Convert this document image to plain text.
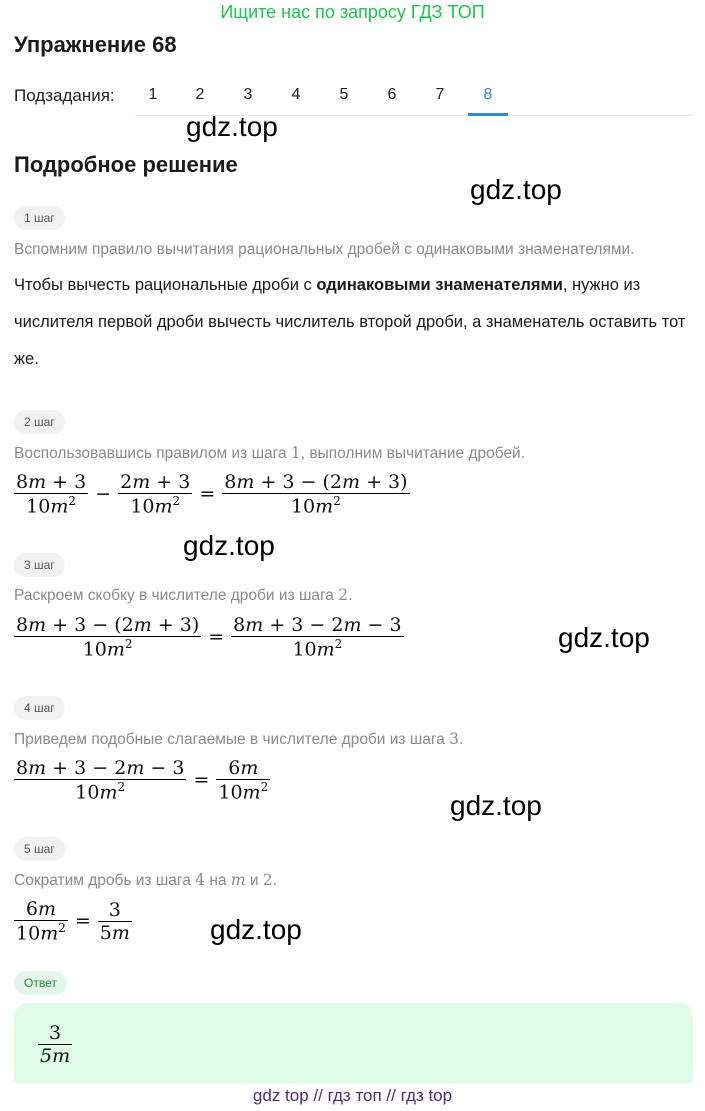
Ищите нас по запросу ГДЗ ТОП
Упражнение 68
Подзадания:	1	2	3	4	5	6	7	8
gdz.top
Подробное решение
gdz.top
1 шаг
Вспомним правило вычитания рациональных дробей с одинаковыми знаменателями.
Чтобы вычесть рациональные дроби с одинаковыми знаменателями, нужно из числителя первой дроби вычесть числитель второй дроби, а знаменатель оставить тот же.
2 шаг
Воспользовавшись правилом из шага 1, выполним вычитание дробей.
$\frac{8m + 3}{10m^2} - \frac{2m + 3}{10m^2} = \frac{8m + 3 - (2m + 3)}{10m^2}$
gdz.top
3 шаг
Раскроем скобку в числителе дроби из шага 2.
$\frac{8m + 3 - (2m + 3)}{10m^2} = \frac{8m + 3 - 2m - 3}{10m^2}$	gdz.top
4 шаг
Приведем подобные слагаемые в числителе дроби из шага 3.
$\frac{8m + 3 - 2m - 3}{10m^2} = \frac{6m}{10m^2}$
gdz.top
5 шаг
Сократим дробь из шага 4 на m и 2.
$\frac{6m}{10m^2} = \frac{3}{5m}$	gdz.top
Ответ
$\frac{3}{5m}$
gdz top // гдз топ // гдз top
